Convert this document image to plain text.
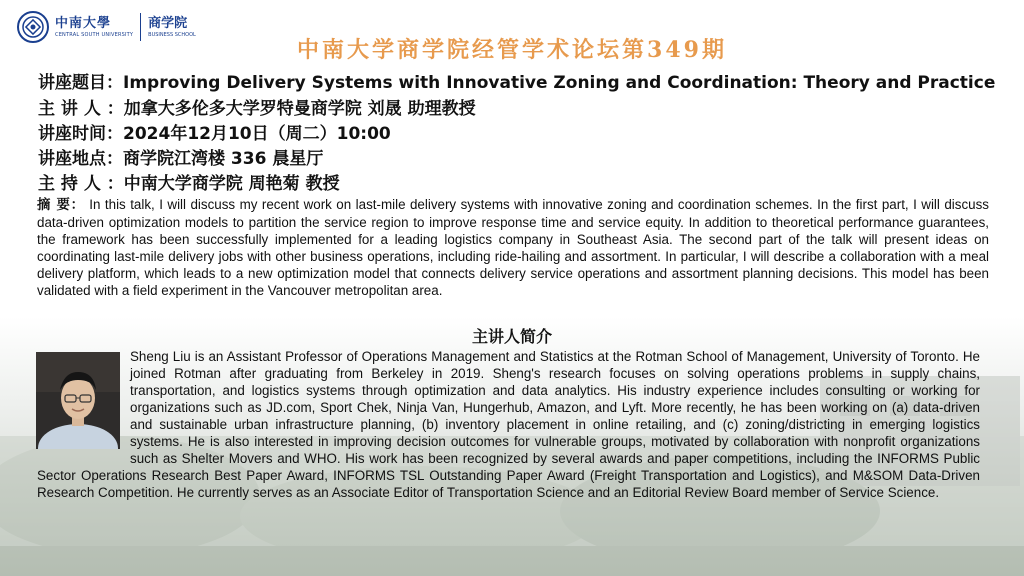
中南大學
CENTRAL SOUTH UNIVERSITY
商学院
BUSINESS SCHOOL
中南大学商学院经管学术论坛第349期
讲座题目：Improving Delivery Systems with Innovative Zoning and Coordination: Theory and Practice
主 讲 人 ：加拿大多伦多大学罗特曼商学院 刘晟 助理教授
讲座时间：2024年12月10日（周二）10:00
讲座地点：商学院江湾楼 336 晨星厅
主 持 人 ：中南大学商学院 周艳菊 教授
摘 要： In this talk, I will discuss my recent work on last-mile delivery systems with innovative zoning and coordination schemes. In the first part, I will discuss data-driven optimization models to partition the service region to improve response time and service equity. In addition to theoretical performance guarantees, the framework has been successfully implemented for a leading logistics company in Southeast Asia. The second part of the talk will present ideas on coordinating last-mile delivery jobs with other business operations, including ride-hailing and assortment. In particular, I will describe a collaboration with a meal delivery platform, which leads to a new optimization model that connects delivery service operations and assortment planning decisions. This model has been validated with a field experiment in the Vancouver metropolitan area.
主讲人简介
Sheng Liu is an Assistant Professor of Operations Management and Statistics at the Rotman School of Management, University of Toronto. He joined Rotman after graduating from Berkeley in 2019. Sheng's research focuses on solving operations problems in supply chains, transportation, and logistics systems through optimization and data analytics. His industry experience includes consulting or working for organizations such as JD.com, Sport Chek, Ninja Van, Hungerhub, Amazon, and Lyft. More recently, he has been working on (a) data-driven and sustainable urban infrastructure planning, (b) inventory placement in online retailing, and (c) zoning/districting in emerging logistics systems. He is also interested in improving decision outcomes for vulnerable groups, motivated by collaboration with nonprofit organizations such as Shelter Movers and WHO. His work has been recognized by several awards and paper competitions, including the INFORMS Public Sector Operations Research Best Paper Award, INFORMS TSL Outstanding Paper Award (Freight Transportation and Logistics), and M&SOM Data-Driven Research Competition. He currently serves as an Associate Editor of Transportation Science and an Editorial Review Board member of Service Science.
